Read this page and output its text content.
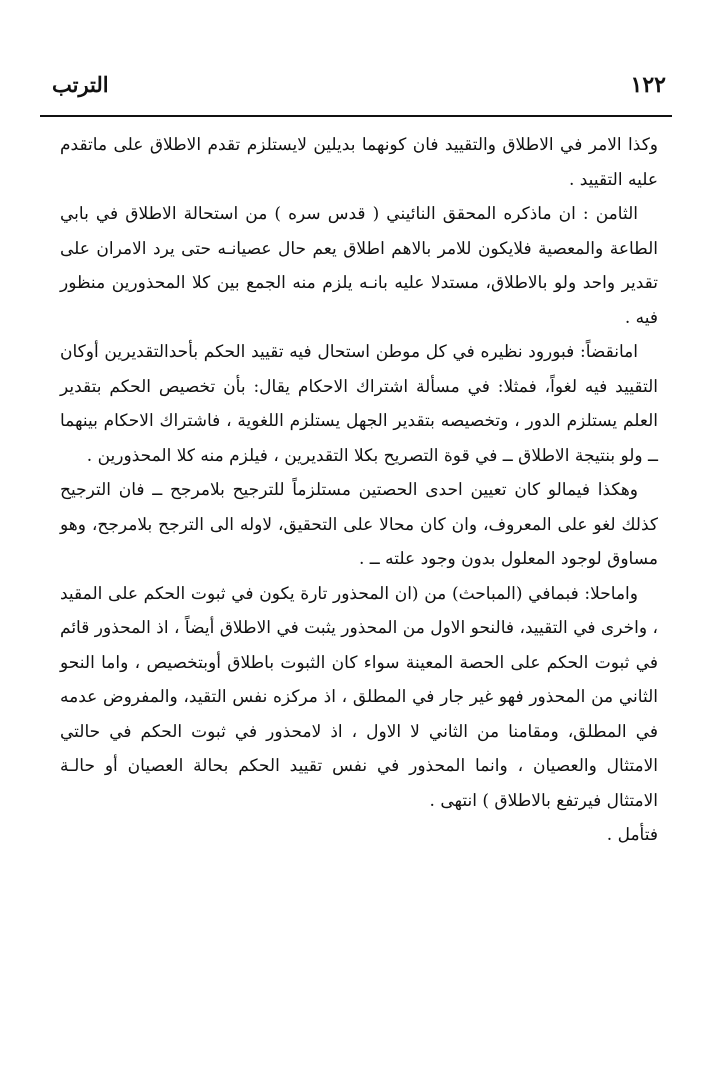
١٢٢
الترتب

وكذا الامر في الاطلاق والتقييد فان كونهما بديلين لايستلزم تقدم الاطلاق على ماتقدم عليه التقييد .

الثامن : ان ماذكره المحقق النائيني ( قدس سره ) من استحالة الاطلاق في بابي الطاعة والمعصية فلايكون للامر بالاهم اطلاق يعم حال عصيانـه حتى يرد الامران على تقدير واحد ولو بالاطلاق، مستدلا عليه بانـه يلزم منه الجمع بين كلا المحذورين منظور فيه .

امانقضاً: فبورود نظيره في كل موطن استحال فيه تقييد الحكم بأحدالتقديرين أوكان التقييد فيه لغواً، فمثلا: في مسألة اشتراك الاحكام يقال: بأن تخصيص الحكم بتقدير العلم يستلزم الدور ، وتخصيصه بتقدير الجهل يستلزم اللغوية ، فاشتراك الاحكام بينهما ــ ولو بنتيجة الاطلاق ــ في قوة التصريح بكلا التقديرين ، فيلزم منه كلا المحذورين .

وهكذا فيمالو كان تعيين احدى الحصتين مستلزماً للترجيح بلامرجح ــ فان الترجيح كذلك لغو على المعروف، وان كان محالا على التحقيق، لاوله الى الترجح بلامرجح، وهو مساوق لوجود المعلول بدون وجود علته ــ .

واماحلا: فبمافي (المباحث) من (ان المحذور تارة يكون في ثبوت الحكم على المقيد ، واخرى في التقييد، فالنحو الاول من المحذور يثبت في الاطلاق أيضاً ، اذ المحذور قائم في ثبوت الحكم على الحصة المعينة سواء كان الثبوت باطلاق أوبتخصيص ، واما النحو الثاني من المحذور فهو غير جار في المطلق ، اذ مركزه نفس التقيد، والمفروض عدمه في المطلق، ومقامنا من الثاني لا الاول ، اذ لامحذور في ثبوت الحكم في حالتي الامتثال والعصيان ، وانما المحذور في نفس تقييد الحكم بحالة العصيان أو حالـة الامتثال فيرتفع بالاطلاق ) انتهى .

فتأمل .
